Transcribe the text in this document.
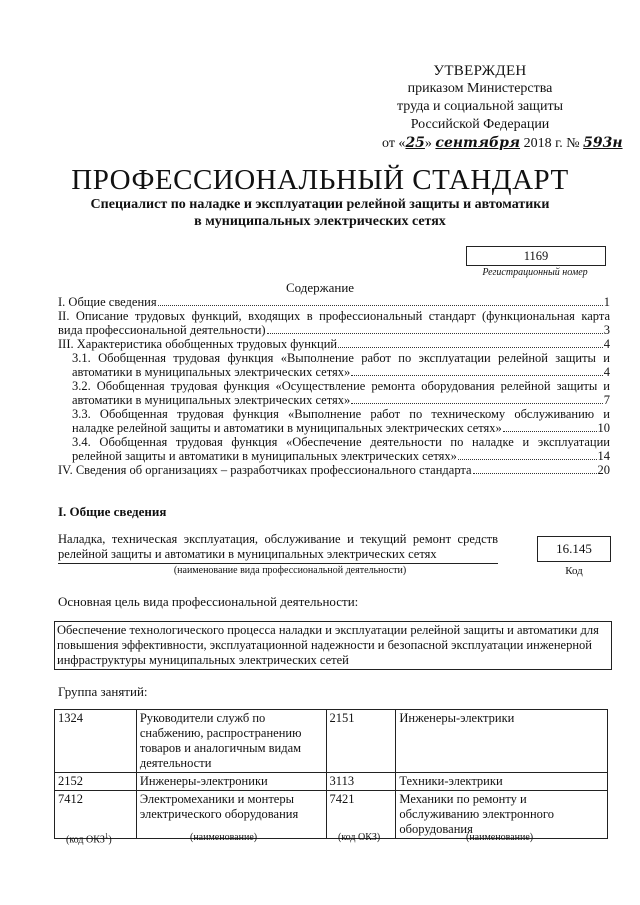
УТВЕРЖДЕН
приказом Министерства
труда и социальной защиты
Российской Федерации
от «25» сентября 2018 г. № 593н
ПРОФЕССИОНАЛЬНЫЙ СТАНДАРТ
Специалист по наладке и эксплуатации релейной защиты и автоматики
в муниципальных электрических сетях
1169
Регистрационный номер
Содержание
I. Общие сведения	1
II. Описание трудовых функций, входящих в профессиональный стандарт (функциональная карта
вида профессиональной деятельности)	3
III. Характеристика обобщенных трудовых функций	4
3.1. Обобщенная трудовая функция «Выполнение работ по эксплуатации релейной защиты и
автоматики в муниципальных электрических сетях»	4
3.2. Обобщенная трудовая функция «Осуществление ремонта оборудования релейной защиты и
автоматики в муниципальных электрических сетях»	7
3.3. Обобщенная трудовая функция «Выполнение работ по техническому обслуживанию и
наладке релейной защиты и автоматики в муниципальных электрических сетях»	10
3.4. Обобщенная трудовая функция «Обеспечение деятельности по наладке и эксплуатации
релейной защиты и автоматики в муниципальных электрических сетях»	14
IV. Сведения об организациях – разработчиках профессионального стандарта	20
I. Общие сведения
Наладка, техническая эксплуатация, обслуживание и текущий ремонт средств релейной защиты и автоматики в муниципальных электрических сетях
(наименование вида профессиональной деятельности)
16.145
Код
Основная цель вида профессиональной деятельности:
Обеспечение технологического процесса наладки и эксплуатации релейной защиты и автоматики для повышения эффективности, эксплуатационной надежности и безопасной эксплуатации инженерной инфраструктуры муниципальных электрических сетей
Группа занятий:
1324	Руководители служб по снабжению, распространению товаров и аналогичным видам деятельности	2151	Инженеры-электрики
2152	Инженеры-электроники	3113	Техники-электрики
7412	Электромеханики и монтеры электрического оборудования	7421	Механики по ремонту и обслуживанию электронного оборудования
(код ОКЗ$^1$)	(наименование)	(код ОКЗ)	(наименование)
